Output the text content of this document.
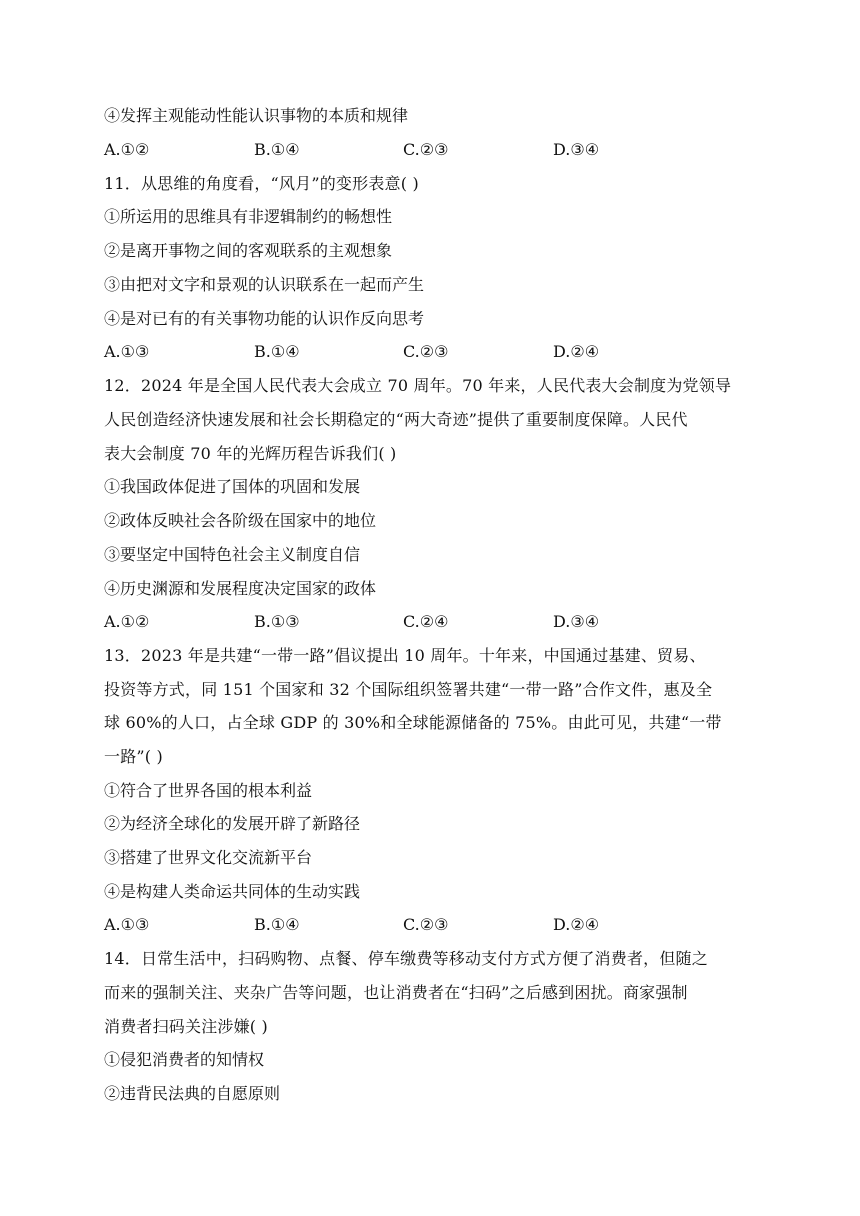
④发挥主观能动性能认识事物的本质和规律
A.①②	B.①④	C.②③	D.③④
11．从思维的角度看，“风月”的变形表意( )
①所运用的思维具有非逻辑制约的畅想性
②是离开事物之间的客观联系的主观想象
③由把对文字和景观的认识联系在一起而产生
④是对已有的有关事物功能的认识作反向思考
A.①③	B.①④	C.②③	D.②④
12．2024 年是全国人民代表大会成立 70 周年。70 年来，人民代表大会制度为党领导
人民创造经济快速发展和社会长期稳定的“两大奇迹”提供了重要制度保障。人民代
表大会制度 70 年的光辉历程告诉我们( )
①我国政体促进了国体的巩固和发展
②政体反映社会各阶级在国家中的地位
③要坚定中国特色社会主义制度自信
④历史渊源和发展程度决定国家的政体
A.①②	B.①③	C.②④	D.③④
13．2023 年是共建“一带一路”倡议提出 10 周年。十年来，中国通过基建、贸易、
投资等方式，同 151 个国家和 32 个国际组织签署共建“一带一路”合作文件，惠及全
球 60%的人口，占全球 GDP 的 30%和全球能源储备的 75%。由此可见，共建“一带
一路”( )
①符合了世界各国的根本利益
②为经济全球化的发展开辟了新路径
③搭建了世界文化交流新平台
④是构建人类命运共同体的生动实践
A.①③	B.①④	C.②③	D.②④
14．日常生活中，扫码购物、点餐、停车缴费等移动支付方式方便了消费者，但随之
而来的强制关注、夹杂广告等问题，也让消费者在“扫码”之后感到困扰。商家强制
消费者扫码关注涉嫌( )
①侵犯消费者的知情权
②违背民法典的自愿原则
